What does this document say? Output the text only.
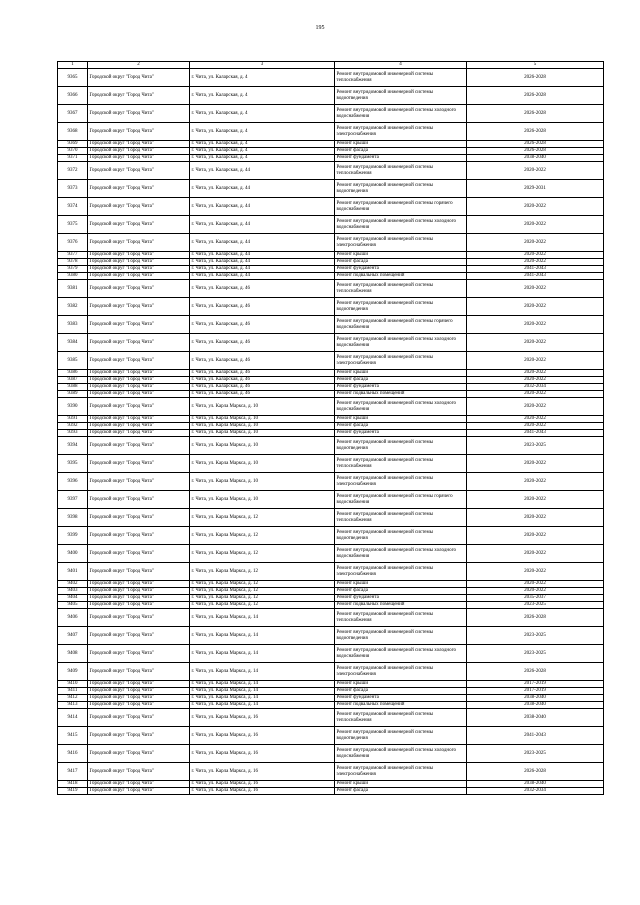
195
1	2	3	4	5
9365	Городской округ "Город Чита"	г. Чита, ул. Каларская, д. 4	Ремонт внутридомовой инженерной системы теплоснабжения	2026-2028
9366	Городской округ "Город Чита"	г. Чита, ул. Каларская, д. 4	Ремонт внутридомовой инженерной системы водоотведения	2026-2028
9367	Городской округ "Город Чита"	г. Чита, ул. Каларская, д. 4	Ремонт внутридомовой инженерной системы холодного водоснабжения	2026-2028
9368	Городской округ "Город Чита"	г. Чита, ул. Каларская, д. 4	Ремонт внутридомовой инженерной системы электроснабжения	2026-2028
9369	Городской округ "Город Чита"	г. Чита, ул. Каларская, д. 4	Ремонт крыши	2026-2028
9370	Городской округ "Город Чита"	г. Чита, ул. Каларская, д. 4	Ремонт фасада	2026-2028
9371	Городской округ "Город Чита"	г. Чита, ул. Каларская, д. 4	Ремонт фундамента	2038-2040
9372	Городской округ "Город Чита"	г. Чита, ул. Каларская, д. 44	Ремонт внутридомовой инженерной системы теплоснабжения	2020-2022
9373	Городской округ "Город Чита"	г. Чита, ул. Каларская, д. 44	Ремонт внутридомовой инженерной системы водоотведения	2029-2031
9374	Городской округ "Город Чита"	г. Чита, ул. Каларская, д. 44	Ремонт внутридомовой инженерной системы горячего водоснабжения	2020-2022
9375	Городской округ "Город Чита"	г. Чита, ул. Каларская, д. 44	Ремонт внутридомовой инженерной системы холодного водоснабжения	2020-2022
9376	Городской округ "Город Чита"	г. Чита, ул. Каларская, д. 44	Ремонт внутридомовой инженерной системы электроснабжения	2020-2022
9377	Городской округ "Город Чита"	г. Чита, ул. Каларская, д. 44	Ремонт крыши	2020-2022
9378	Городской округ "Город Чита"	г. Чита, ул. Каларская, д. 44	Ремонт фасада	2020-2022
9379	Городской округ "Город Чита"	г. Чита, ул. Каларская, д. 44	Ремонт фундамента	2041-2043
9380	Городской округ "Город Чита"	г. Чита, ул. Каларская, д. 44	Ремонт подвальных помещений	2041-2043
9381	Городской округ "Город Чита"	г. Чита, ул. Каларская, д. 46	Ремонт внутридомовой инженерной системы теплоснабжения	2020-2022
9382	Городской округ "Город Чита"	г. Чита, ул. Каларская, д. 46	Ремонт внутридомовой инженерной системы водоотведения	2020-2022
9383	Городской округ "Город Чита"	г. Чита, ул. Каларская, д. 46	Ремонт внутридомовой инженерной системы горячего водоснабжения	2020-2022
9384	Городской округ "Город Чита"	г. Чита, ул. Каларская, д. 46	Ремонт внутридомовой инженерной системы холодного водоснабжения	2020-2022
9385	Городской округ "Город Чита"	г. Чита, ул. Каларская, д. 46	Ремонт внутридомовой инженерной системы электроснабжения	2020-2022
9386	Городской округ "Город Чита"	г. Чита, ул. Каларская, д. 46	Ремонт крыши	2020-2022
9387	Городской округ "Город Чита"	г. Чита, ул. Каларская, д. 46	Ремонт фасада	2020-2022
9388	Городской округ "Город Чита"	г. Чита, ул. Каларская, д. 46	Ремонт фундамента	2032-2034
9389	Городской округ "Город Чита"	г. Чита, ул. Каларская, д. 46	Ремонт подвальных помещений	2020-2022
9390	Городской округ "Город Чита"	г. Чита, ул. Карла Маркса, д. 10	Ремонт внутридомовой инженерной системы холодного водоснабжения	2020-2022
9391	Городской округ "Город Чита"	г. Чита, ул. Карла Маркса, д. 10	Ремонт крыши	2020-2022
9392	Городской округ "Город Чита"	г. Чита, ул. Карла Маркса, д. 10	Ремонт фасада	2020-2022
9393	Городской округ "Город Чита"	г. Чита, ул. Карла Маркса, д. 10	Ремонт фундамента	2041-2043
9394	Городской округ "Город Чита"	г. Чита, ул. Карла Маркса, д. 10	Ремонт внутридомовой инженерной системы водоотведения	2023-2025
9395	Городской округ "Город Чита"	г. Чита, ул. Карла Маркса, д. 10	Ремонт внутридомовой инженерной системы теплоснабжения	2020-2022
9396	Городской округ "Город Чита"	г. Чита, ул. Карла Маркса, д. 10	Ремонт внутридомовой инженерной системы электроснабжения	2020-2022
9397	Городской округ "Город Чита"	г. Чита, ул. Карла Маркса, д. 10	Ремонт внутридомовой инженерной системы горячего водоснабжения	2020-2022
9398	Городской округ "Город Чита"	г. Чита, ул. Карла Маркса, д. 12	Ремонт внутридомовой инженерной системы теплоснабжения	2020-2022
9399	Городской округ "Город Чита"	г. Чита, ул. Карла Маркса, д. 12	Ремонт внутридомовой инженерной системы водоотведения	2020-2022
9400	Городской округ "Город Чита"	г. Чита, ул. Карла Маркса, д. 12	Ремонт внутридомовой инженерной системы холодного водоснабжения	2020-2022
9401	Городской округ "Город Чита"	г. Чита, ул. Карла Маркса, д. 12	Ремонт внутридомовой инженерной системы электроснабжения	2020-2022
9402	Городской округ "Город Чита"	г. Чита, ул. Карла Маркса, д. 12	Ремонт крыши	2020-2022
9403	Городской округ "Город Чита"	г. Чита, ул. Карла Маркса, д. 12	Ремонт фасада	2020-2022
9404	Городской округ "Город Чита"	г. Чита, ул. Карла Маркса, д. 12	Ремонт фундамента	2035-2037
9405	Городской округ "Город Чита"	г. Чита, ул. Карла Маркса, д. 12	Ремонт подвальных помещений	2023-2025
9406	Городской округ "Город Чита"	г. Чита, ул. Карла Маркса, д. 14	Ремонт внутридомовой инженерной системы теплоснабжения	2026-2028
9407	Городской округ "Город Чита"	г. Чита, ул. Карла Маркса, д. 14	Ремонт внутридомовой инженерной системы водоотведения	2023-2025
9408	Городской округ "Город Чита"	г. Чита, ул. Карла Маркса, д. 14	Ремонт внутридомовой инженерной системы холодного водоснабжения	2023-2025
9409	Городской округ "Город Чита"	г. Чита, ул. Карла Маркса, д. 14	Ремонт внутридомовой инженерной системы электроснабжения	2026-2028
9410	Городской округ "Город Чита"	г. Чита, ул. Карла Маркса, д. 14	Ремонт крыши	2017-2019
9411	Городской округ "Город Чита"	г. Чита, ул. Карла Маркса, д. 14	Ремонт фасада	2017-2019
9412	Городской округ "Город Чита"	г. Чита, ул. Карла Маркса, д. 14	Ремонт фундамента	2038-2040
9413	Городской округ "Город Чита"	г. Чита, ул. Карла Маркса, д. 14	Ремонт подвальных помещений	2038-2040
9414	Городской округ "Город Чита"	г. Чита, ул. Карла Маркса, д. 16	Ремонт внутридомовой инженерной системы теплоснабжения	2038-2040
9415	Городской округ "Город Чита"	г. Чита, ул. Карла Маркса, д. 16	Ремонт внутридомовой инженерной системы водоотведения	2041-2043
9416	Городской округ "Город Чита"	г. Чита, ул. Карла Маркса, д. 16	Ремонт внутридомовой инженерной системы холодного водоснабжения	2023-2025
9417	Городской округ "Город Чита"	г. Чита, ул. Карла Маркса, д. 16	Ремонт внутридомовой инженерной системы электроснабжения	2026-2028
9418	Городской округ "Город Чита"	г. Чита, ул. Карла Маркса, д. 16	Ремонт крыши	2038-2040
9419	Городской округ "Город Чита"	г. Чита, ул. Карла Маркса, д. 16	Ремонт фасада	2032-2034
